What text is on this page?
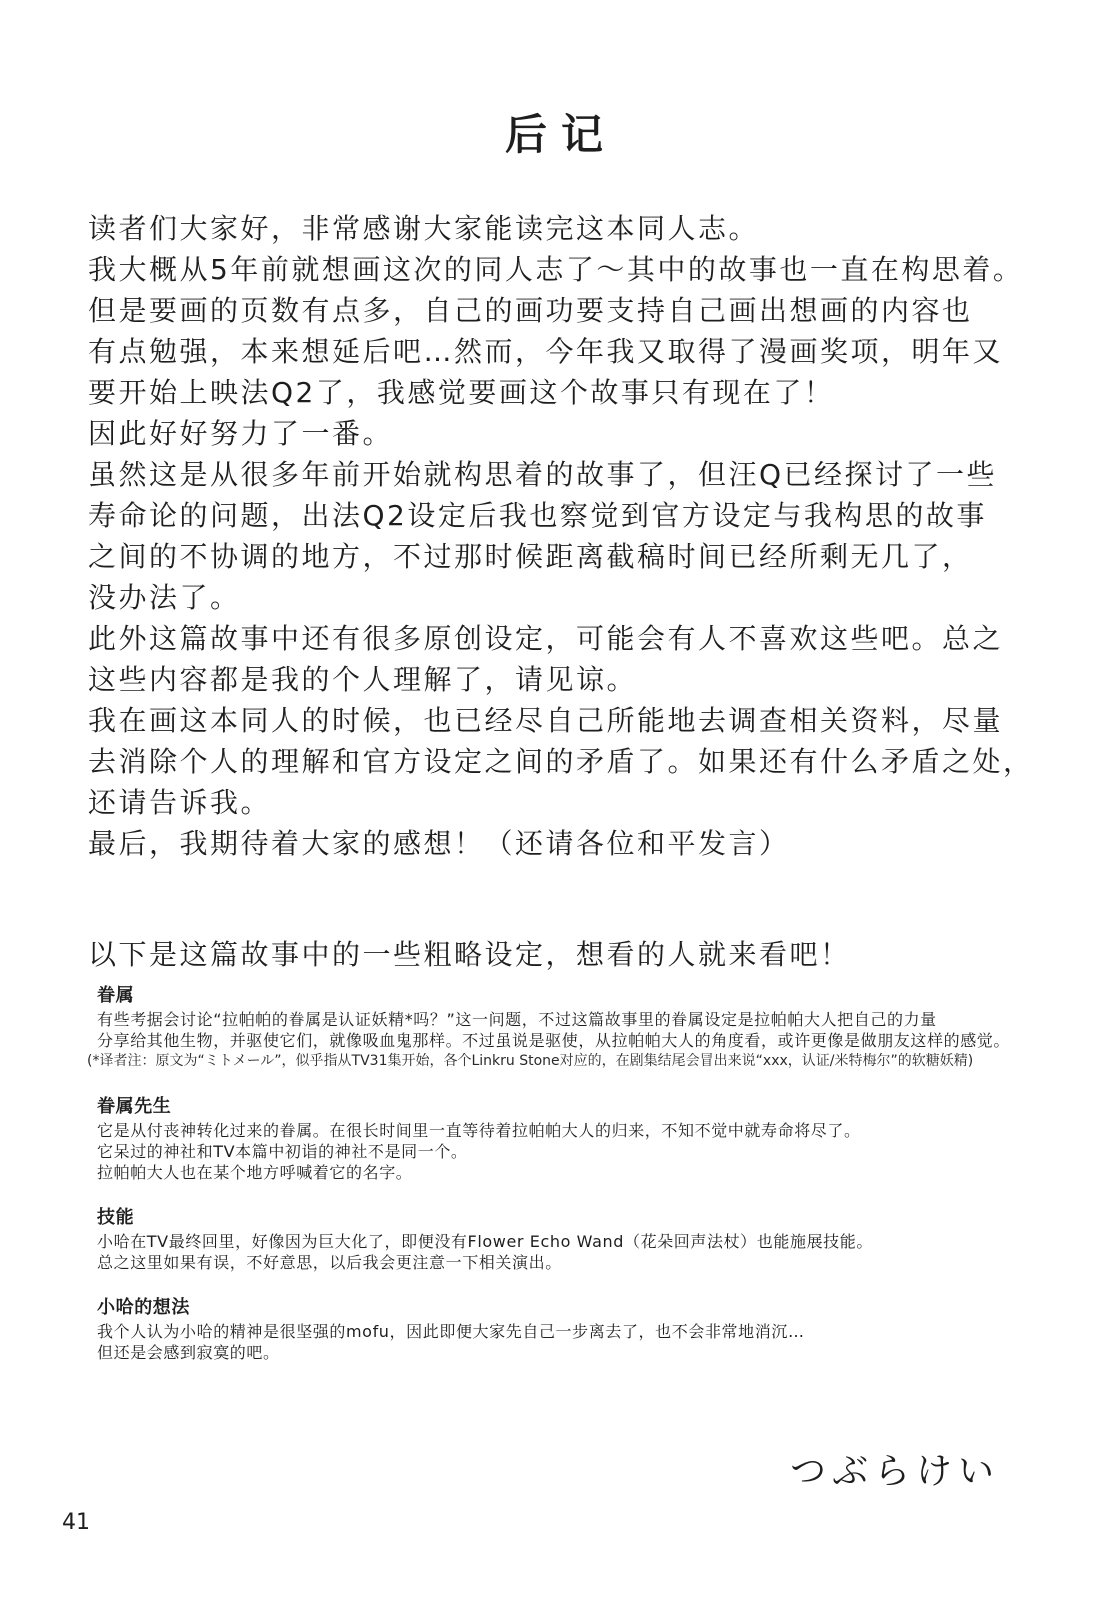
后记
读者们大家好，非常感谢大家能读完这本同人志。
我大概从5年前就想画这次的同人志了～其中的故事也一直在构思着。
但是要画的页数有点多，自己的画功要支持自己画出想画的内容也
有点勉强，本来想延后吧…然而，今年我又取得了漫画奖项，明年又
要开始上映法Q2了，我感觉要画这个故事只有现在了！
因此好好努力了一番。
虽然这是从很多年前开始就构思着的故事了，但汪Q已经探讨了一些
寿命论的问题，出法Q2设定后我也察觉到官方设定与我构思的故事
之间的不协调的地方，不过那时候距离截稿时间已经所剩无几了，
没办法了。
此外这篇故事中还有很多原创设定，可能会有人不喜欢这些吧。总之
这些内容都是我的个人理解了，请见谅。
我在画这本同人的时候，也已经尽自己所能地去调查相关资料，尽量
去消除个人的理解和官方设定之间的矛盾了。如果还有什么矛盾之处，
还请告诉我。
最后，我期待着大家的感想！（还请各位和平发言）
以下是这篇故事中的一些粗略设定，想看的人就来看吧！
眷属
有些考据会讨论“拉帕帕的眷属是认证妖精*吗？”这一问题，不过这篇故事里的眷属设定是拉帕帕大人把自己的力量
分享给其他生物，并驱使它们，就像吸血鬼那样。不过虽说是驱使，从拉帕帕大人的角度看，或许更像是做朋友这样的感觉。
(*译者注：原文为“ミトメール”，似乎指从TV31集开始，各个Linkru Stone对应的，在剧集结尾会冒出来说“xxx，认证/米特梅尔”的软糖妖精)
眷属先生
它是从付丧神转化过来的眷属。在很长时间里一直等待着拉帕帕大人的归来，不知不觉中就寿命将尽了。
它呆过的神社和TV本篇中初诣的神社不是同一个。
拉帕帕大人也在某个地方呼喊着它的名字。
技能
小哈在TV最终回里，好像因为巨大化了，即便没有Flower Echo Wand（花朵回声法杖）也能施展技能。
总之这里如果有误，不好意思，以后我会更注意一下相关演出。
小哈的想法
我个人认为小哈的精神是很坚强的mofu，因此即便大家先自己一步离去了，也不会非常地消沉…
但还是会感到寂寞的吧。
つぶらけい
41
